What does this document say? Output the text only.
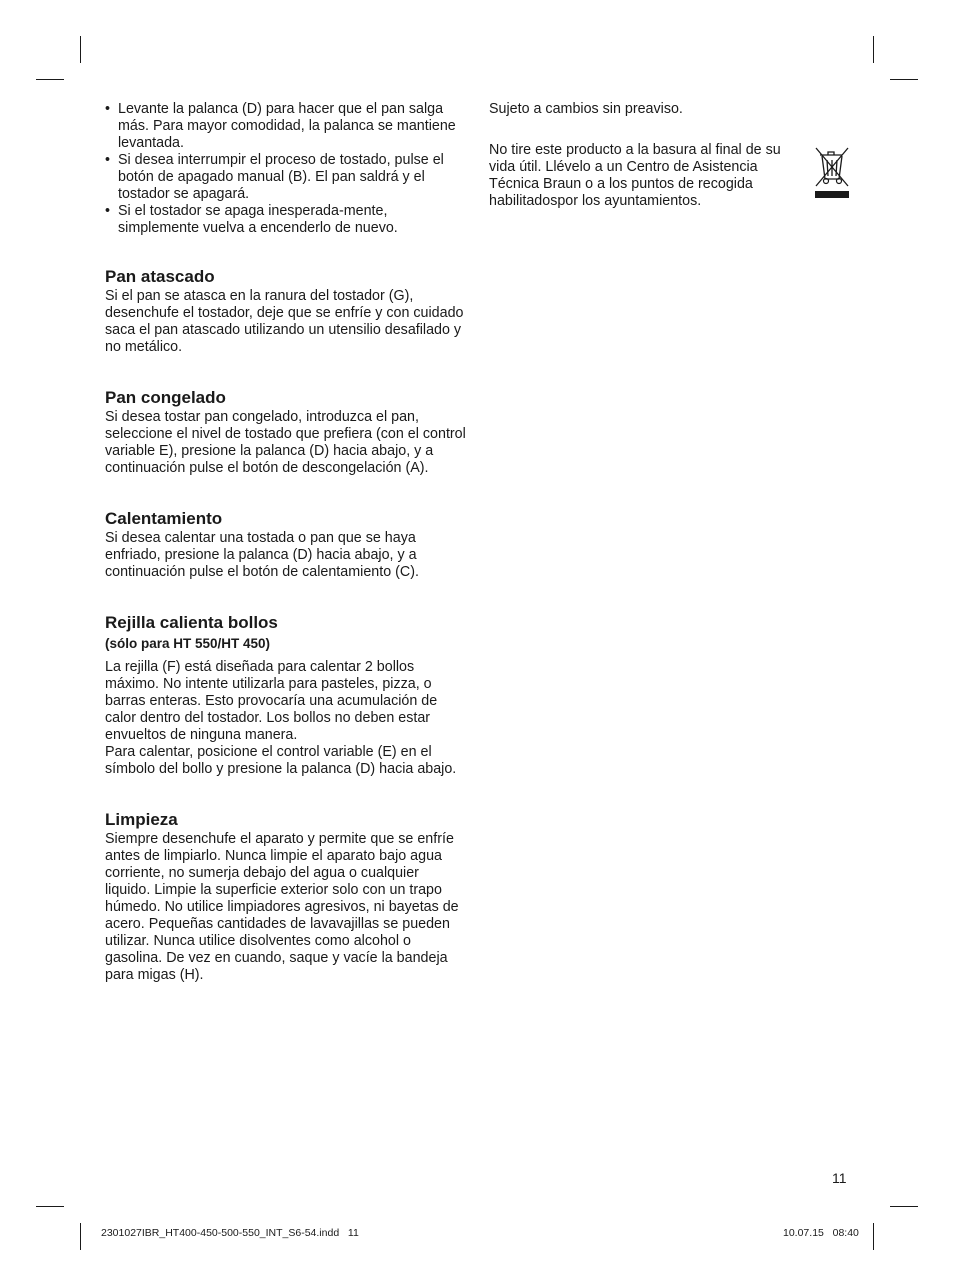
• Levante la palanca (D) para hacer que el pan salga más. Para mayor comodidad, la palanca se mantiene levantada.
• Si desea interrumpir el proceso de tostado, pulse el botón de apagado manual (B). El pan saldrá y el tostador se apagará.
• Si el tostador se apaga inesperada-mente, simplemente vuelva a encenderlo de nuevo.
Pan atascado

Si el pan se atasca en la ranura del tostador (G), desenchufe el tostador, deje que se enfríe y con cuidado saca el pan atascado utilizando un utensilio desafilado y no metálico.

Pan congelado

Si desea tostar pan congelado, introduzca el pan, seleccione el nivel de tostado que prefiera (con el control variable E), presione la palanca (D) hacia abajo, y a continuación pulse el botón de descongelación (A).

Calentamiento

Si desea calentar una tostada o pan que se haya enfriado, presione la palanca (D) hacia abajo, y a continuación pulse el botón de calentamiento (C).

Rejilla calienta bollos

(sólo para HT 550/HT 450)

La rejilla (F) está diseñada para calentar 2 bollos máximo. No intente utilizarla para pasteles, pizza, o barras enteras. Esto provocaría una acumulación de calor dentro del tostador. Los bollos no deben estar envueltos de ninguna manera.

Para calentar, posicione el control variable (E) en el símbolo del bollo y presione la palanca (D) hacia abajo.

Limpieza

Siempre desenchufe el aparato y permite que se enfríe antes de limpiarlo. Nunca limpie el aparato bajo agua corriente, no sumerja debajo del agua o cualquier liquido. Limpie la superficie exterior solo con un trapo húmedo. No utilice limpiadores agresivos, ni bayetas de acero. Pequeñas cantidades de lavavajillas se pueden utilizar. Nunca utilice disolventes como alcohol o gasolina. De vez en cuando, saque y vacíe la bandeja para migas (H).

Sujeto a cambios sin preaviso.

No tire este producto a la basura al final de su vida útil. Llévelo a un Centro de Asistencia Técnica Braun o a los puntos de recogida habilitadospor los ayuntamientos.

11
2301027IBR_HT400-450-500-550_INT_S6-54.indd   11	10.07.15   08:40
